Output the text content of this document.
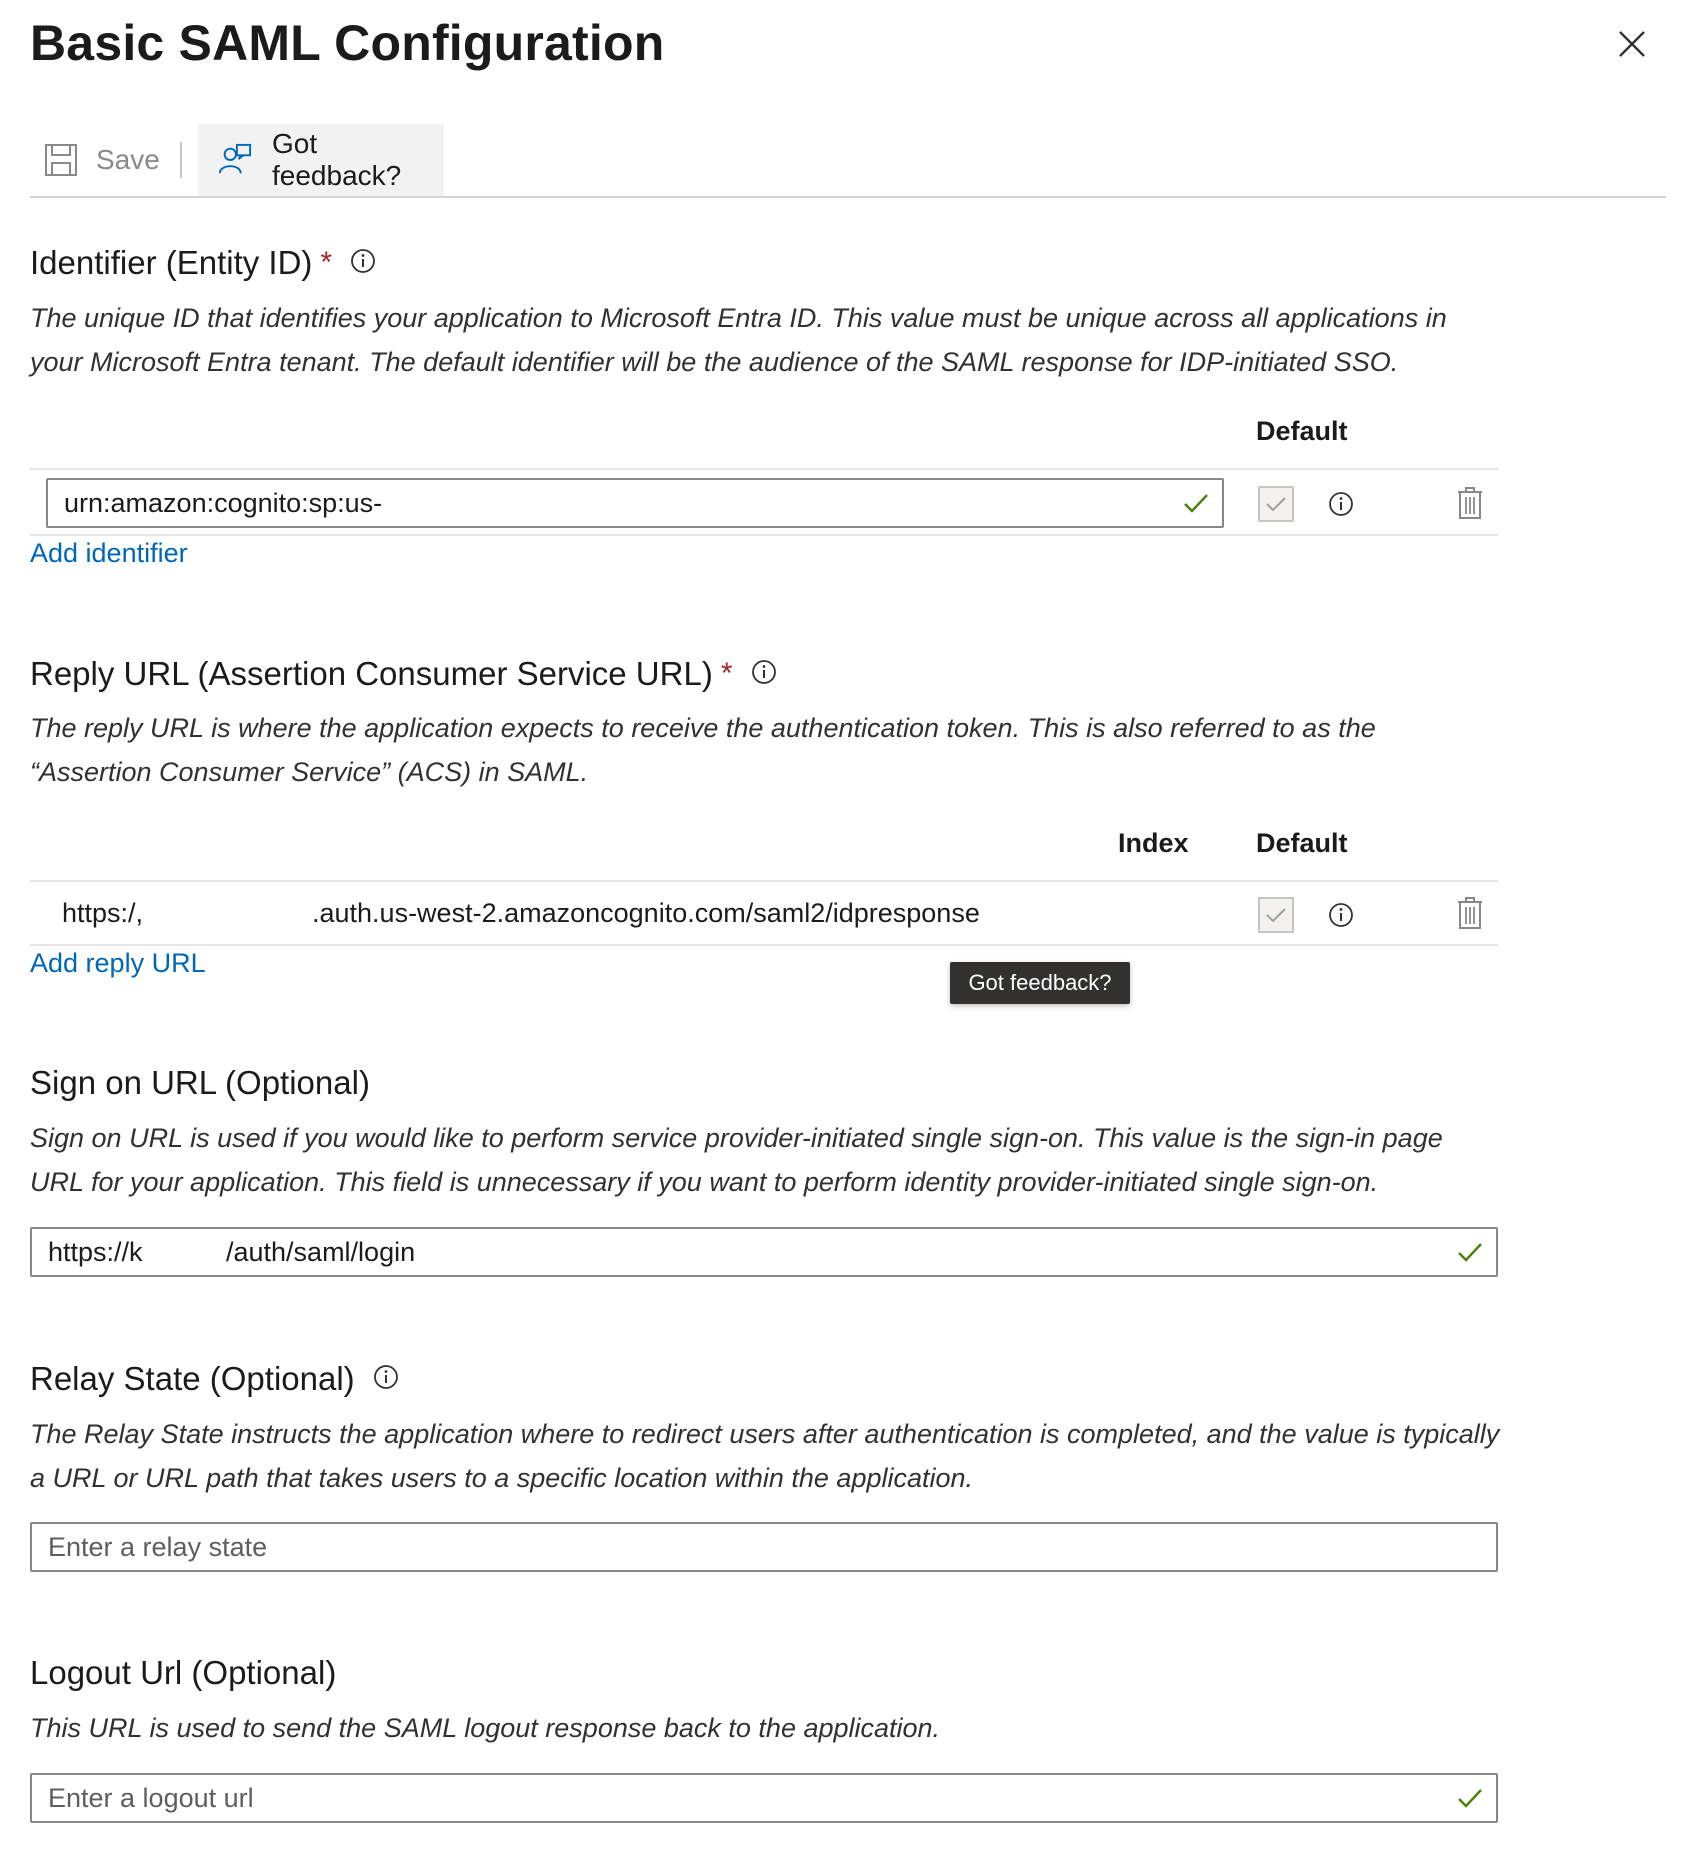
Basic SAML Configuration
Save
Got feedback?
Identifier (Entity ID) *
The unique ID that identifies your application to Microsoft Entra ID. This value must be unique across all applications in your Microsoft Entra tenant. The default identifier will be the audience of the SAML response for IDP-initiated SSO.
Default
urn:amazon:cognito:sp:us-
Add identifier
Reply URL (Assertion Consumer Service URL) *
The reply URL is where the application expects to receive the authentication token. This is also referred to as the “Assertion Consumer Service” (ACS) in SAML.
Index Default
https:/,	.auth.us-west-2.amazoncognito.com/saml2/idpresponse
Add reply URL
Got feedback?
Sign on URL (Optional)
Sign on URL is used if you would like to perform service provider-initiated single sign-on. This value is the sign-in page URL for your application. This field is unnecessary if you want to perform identity provider-initiated single sign-on.
https://k	/auth/saml/login
Relay State (Optional)
The Relay State instructs the application where to redirect users after authentication is completed, and the value is typically a URL or URL path that takes users to a specific location within the application.
Enter a relay state
Logout Url (Optional)
This URL is used to send the SAML logout response back to the application.
Enter a logout url
